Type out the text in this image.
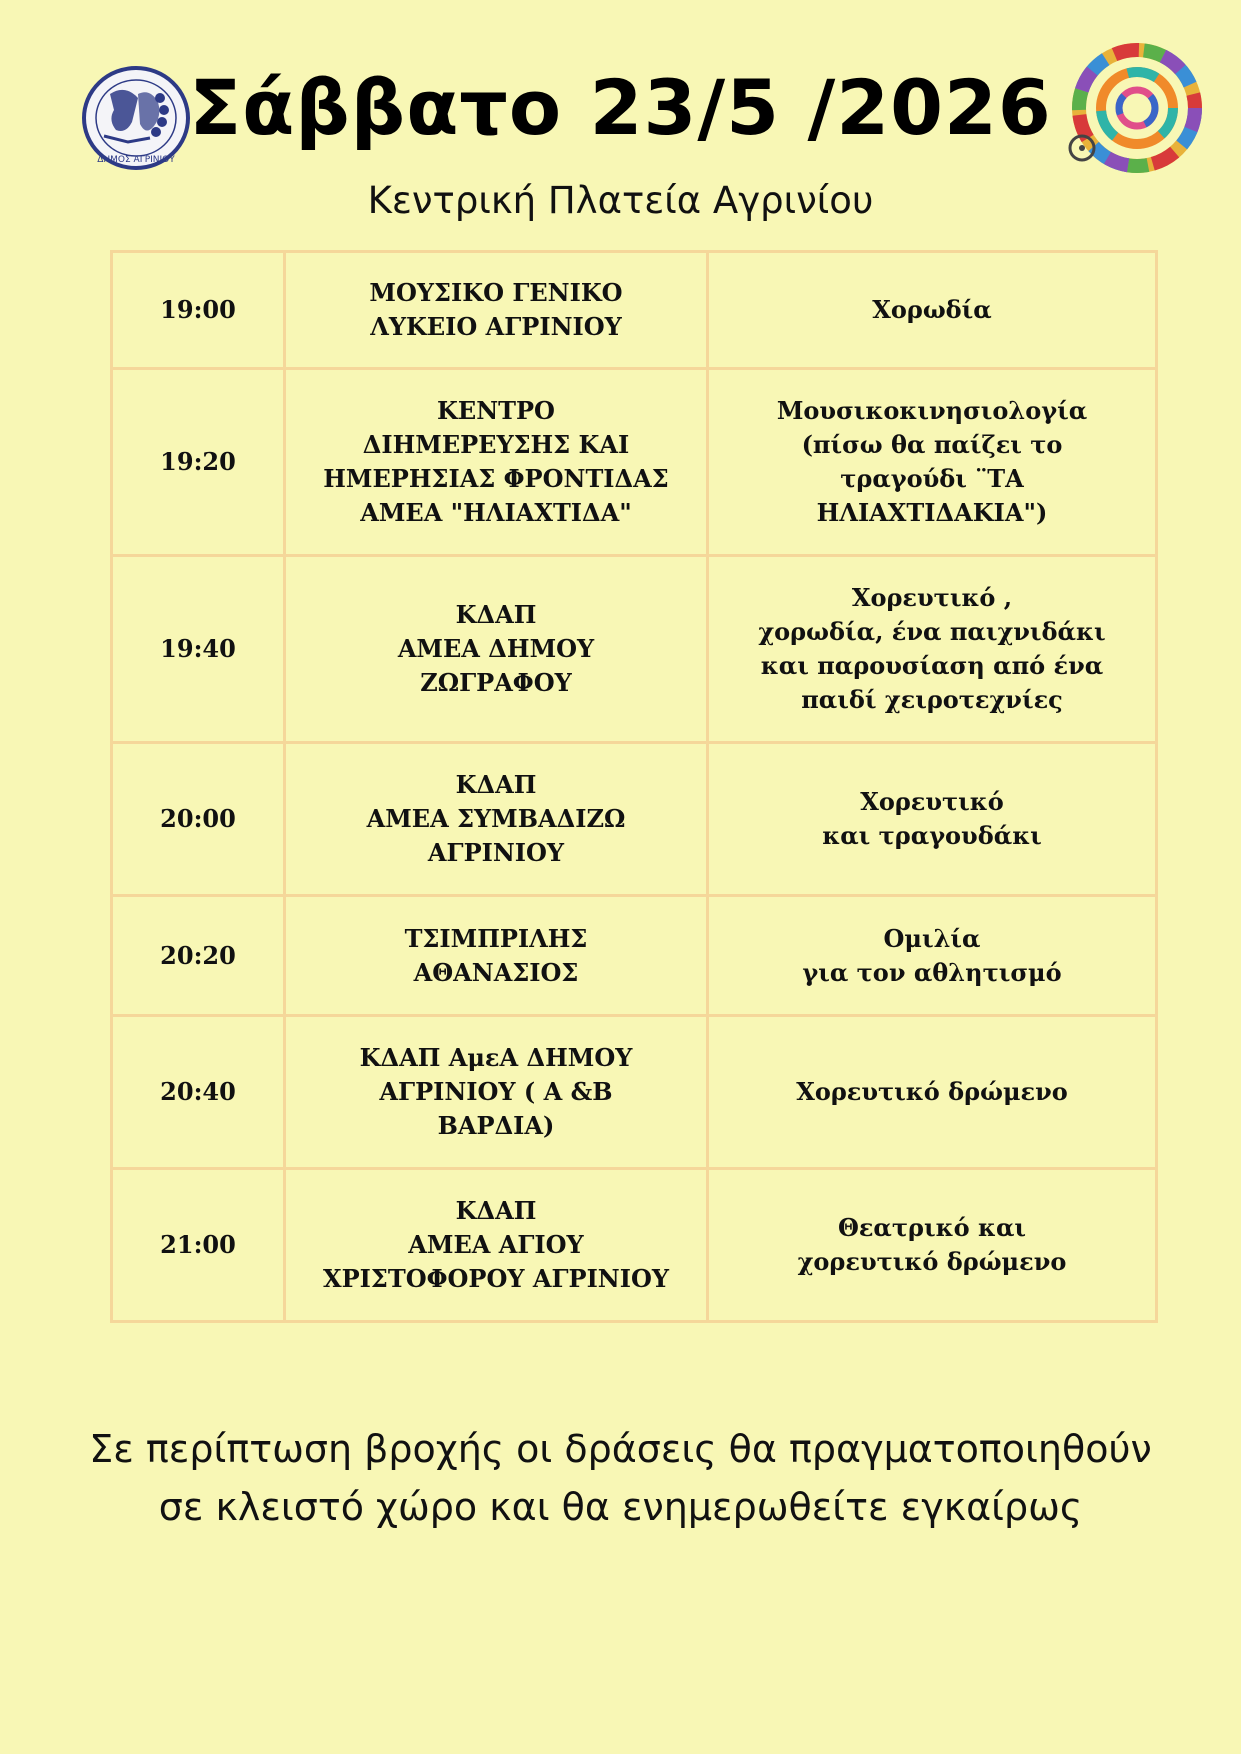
ΔΗΜΟΣ ΑΓΡΙΝΙΟΥ
Σάββατο 23/5 /2026
Κεντρική Πλατεία Αγρινίου
19:00	ΜΟΥΣΙΚΟ ΓΕΝΙΚΟ
ΛΥΚΕΙΟ ΑΓΡΙΝΙΟΥ	Χορωδία
19:20	ΚΕΝΤΡΟ
ΔΙΗΜΕΡΕΥΣΗΣ ΚΑΙ
ΗΜΕΡΗΣΙΑΣ ΦΡΟΝΤΙΔΑΣ
ΑΜΕΑ "ΗΛΙΑΧΤΙΔΑ"	Μουσικοκινησιολογία
(πίσω θα παίζει το
τραγούδι ¨ΤΑ
ΗΛΙΑΧΤΙΔΑΚΙΑ")
19:40	ΚΔΑΠ
ΑΜΕΑ ΔΗΜΟΥ
ΖΩΓΡΑΦΟΥ	Χορευτικό ,
χορωδία, ένα παιχνιδάκι
και παρουσίαση από ένα
παιδί χειροτεχνίες
20:00	ΚΔΑΠ
ΑΜΕΑ ΣΥΜΒΑΔΙΖΩ
ΑΓΡΙΝΙΟΥ	Χορευτικό
και τραγουδάκι
20:20	ΤΣΙΜΠΡΙΛΗΣ
ΑΘΑΝΑΣΙΟΣ	Ομιλία
για τον αθλητισμό
20:40	ΚΔΑΠ ΑμεΑ ΔΗΜΟΥ
ΑΓΡΙΝΙΟΥ ( Α &Β
ΒΑΡΔΙΑ)	Χορευτικό δρώμενο
21:00	ΚΔΑΠ
ΑΜΕΑ ΑΓΙΟΥ
ΧΡΙΣΤΟΦΟΡΟΥ ΑΓΡΙΝΙΟΥ	Θεατρικό και
χορευτικό δρώμενο
Σε περίπτωση βροχής οι δράσεις θα πραγματοποιηθούν
σε κλειστό χώρο και θα ενημερωθείτε εγκαίρως
